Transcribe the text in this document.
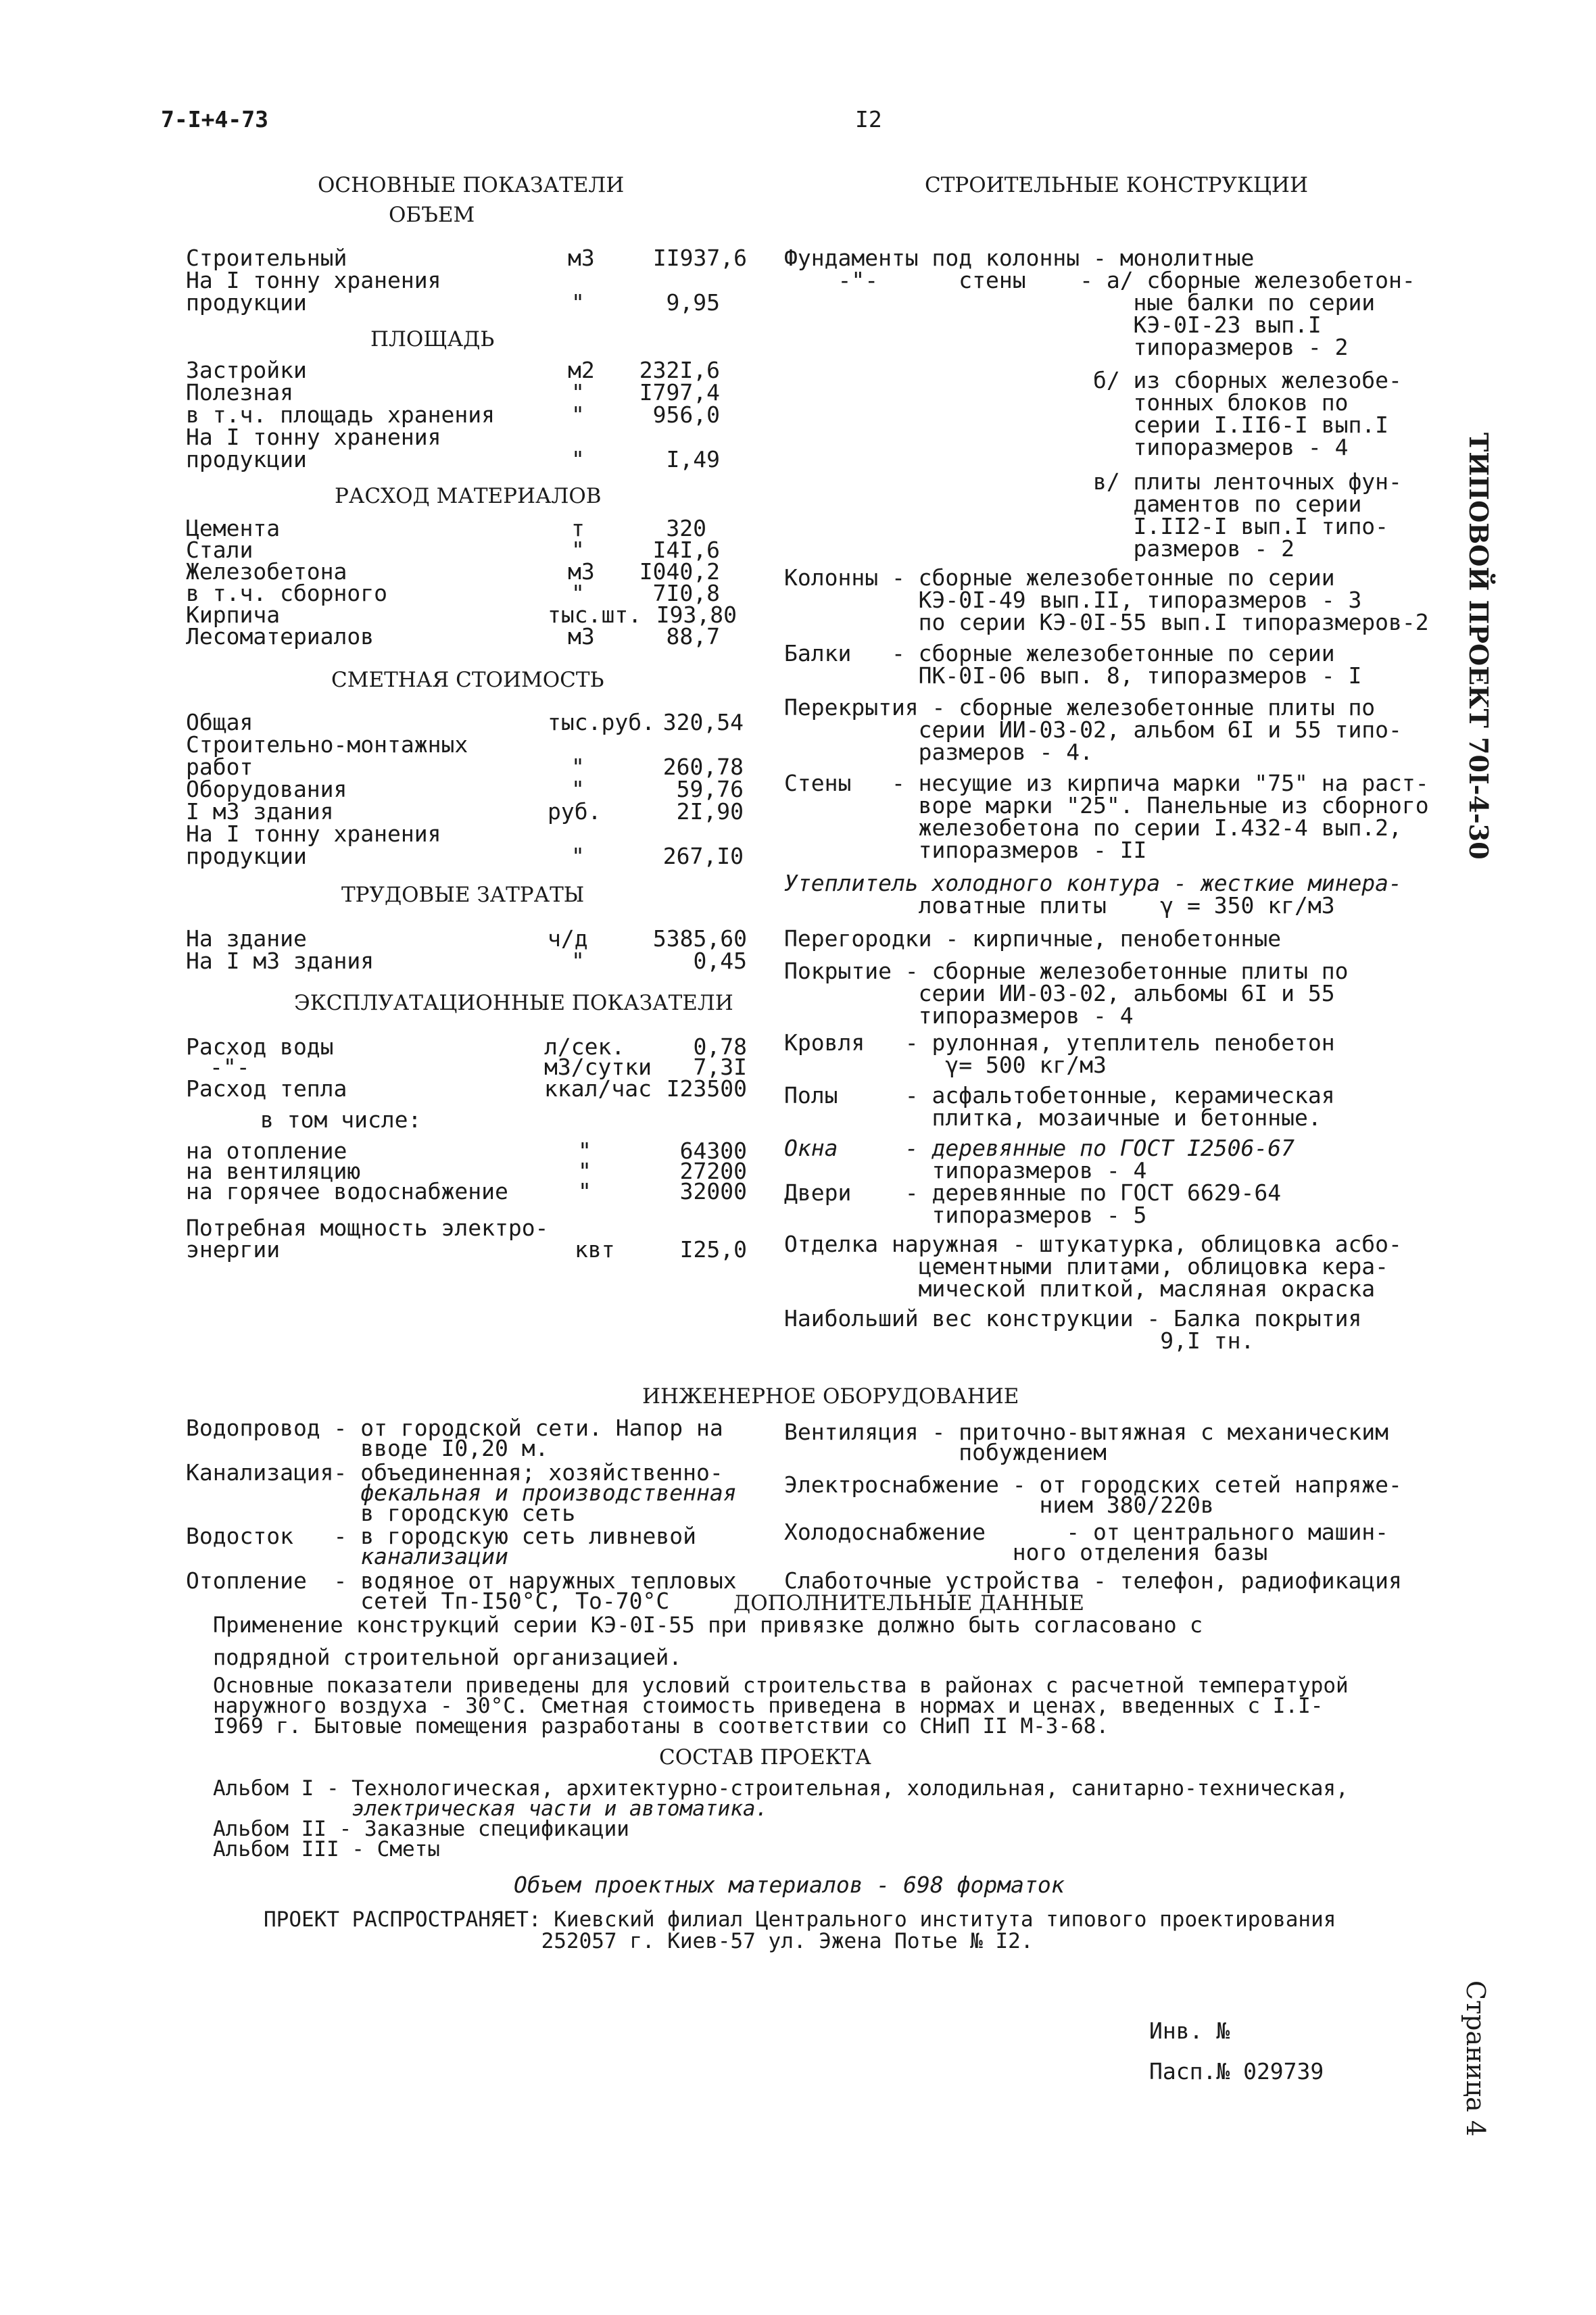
7-I+4-73	I2
ОСНОВНЫЕ ПОКАЗАТЕЛИ
ОБЪЕМ
Строительный	м3	II937,6
На I тонну хранения
продукции	"	9,95
ПЛОЩАДЬ
Застройки	м2	232I,6
Полезная	"	I797,4
в т.ч. площадь хранения	"	956,0
На I тонну хранения
продукции	"	I,49
РАСХОД МАТЕРИАЛОВ
Цемента	т	320
Стали	"	I4I,6
Железобетона	м3	I040,2
в т.ч. сборного	"	7I0,8
Кирпича	тыс.шт. I93,80
Лесоматериалов	м3	88,7
СМЕТНАЯ СТОИМОСТЬ
Общая	тыс.руб. 320,54
Строительно-монтажных
работ	"	260,78
Оборудования	"	59,76
I м3 здания	руб.	2I,90
На I тонну хранения
продукции	"	267,I0
ТРУДОВЫЕ ЗАТРАТЫ
На здание	ч/д	5385,60
На I м3 здания	"	0,45
ЭКСПЛУАТАЦИОННЫЕ ПОКАЗАТЕЛИ
Расход воды	л/сек.	0,78
-"-	м3/сутки	7,3I
Расход тепла	ккал/час I23500
в том числе:
на отопление	"	64300
на вентиляцию	"	27200
на горячее водоснабжение	"	32000
Потребная мощность электро-
энергии	квт	I25,0
СТРОИТЕЛЬНЫЕ КОНСТРУКЦИИ
Фундаменты под колонны - монолитные
-"-      стены    - а/ сборные железобетон-
ные балки по серии
КЭ-0I-23 вып.I
типоразмеров - 2
б/ из сборных железобе-
тонных блоков по
серии I.II6-I вып.I
типоразмеров - 4
в/ плиты ленточных фун-
даментов по серии
I.II2-I вып.I типо-
размеров - 2
Колонны - сборные железобетонные по серии
КЭ-0I-49 вып.II, типоразмеров - 3
по серии КЭ-0I-55 вып.I типоразмеров-2
Балки   - сборные железобетонные по серии
ПК-0I-06 вып. 8, типоразмеров - I
Перекрытия - сборные железобетонные плиты по
серии ИИ-03-02, альбом 6I и 55 типо-
размеров - 4.
Стены   - несущие из кирпича марки "75" на раст-
воре марки "25". Панельные из сборного
железобетона по серии I.432-4 вып.2,
типоразмеров - II
Утеплитель холодного контура - жесткие минера-
ловатные плиты    γ = 350 кг/м3
Перегородки - кирпичные, пенобетонные
Покрытие - сборные железобетонные плиты по
серии ИИ-03-02, альбомы 6I и 55
типоразмеров - 4
Кровля   - рулонная, утеплитель пенобетон
γ= 500 кг/м3
Полы     - асфальтобетонные, керамическая
плитка, мозаичные и бетонные.
Окна     - деревянные по ГОСТ I2506-67
типоразмеров - 4
Двери    - деревянные по ГОСТ 6629-64
типоразмеров - 5
Отделка наружная - штукатурка, облицовка асбо-
цементными плитами, облицовка кера-
мической плиткой, масляная окраска
Наибольший вес конструкции - Балка покрытия
9,I тн.
ТИПОВОЙ ПРОЕКТ 70I-4-30
Страница 4
ИНЖЕНЕРНОЕ ОБОРУДОВАНИЕ
Водопровод - от городской сети. Напор на
вводе I0,20 м.
Канализация- объединенная; хозяйственно-
фекальная и производственная
в городскую сеть
Водосток   - в городскую сеть ливневой
канализации
Отопление  - водяное от наружных тепловых
сетей Тп-I50°С, То-70°С
Вентиляция - приточно-вытяжная с механическим
побуждением
Электроснабжение - от городских сетей напряже-
нием 380/220в
Холодоснабжение      - от центрального машин-
ного отделения базы
Слаботочные устройства - телефон, радиофикация
ДОПОЛНИТЕЛЬНЫЕ ДАННЫЕ
Применение конструкций серии КЭ-0I-55 при привязке должно быть согласовано с
подрядной строительной организацией.
Основные показатели приведены для условий строительства в районах с расчетной температурой
наружного воздуха - 30°С. Сметная стоимость приведена в нормах и ценах, введенных с I.I-
I969 г. Бытовые помещения разработаны в соответствии со СНиП II М-3-68.
СОСТАВ ПРОЕКТА
Альбом I - Технологическая, архитектурно-строительная, холодильная, санитарно-техническая,
электрическая части и автоматика.
Альбом II - Заказные спецификации
Альбом III - Сметы
Объем проектных материалов - 698 форматок
ПРОЕКТ РАСПРОСТРАНЯЕТ: Киевский филиал Центрального института типового проектирования
252057 г. Киев-57 ул. Эжена Потье № I2.
Инв. №
Пасп.№ 029739
